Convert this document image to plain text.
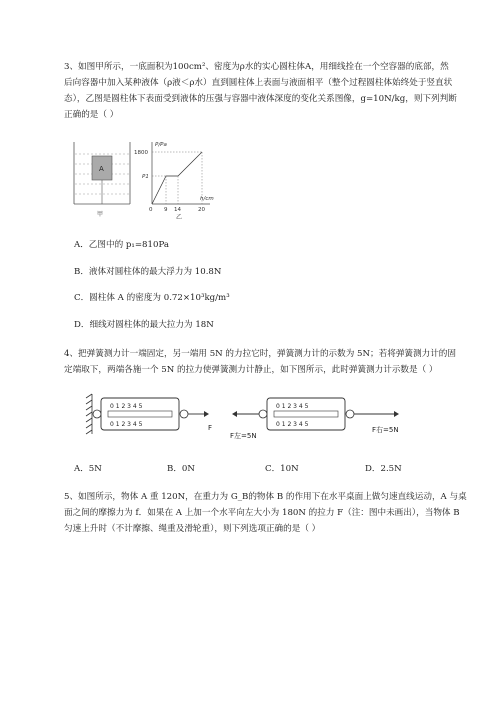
3、如图甲所示，一底面积为100cm²、密度为ρ水的实心圆柱体A，用细线拴在一个空容器的底部，然
后向容器中加入某种液体（ρ液＜ρ水）直到圆柱体上表面与液面相平（整个过程圆柱体始终处于竖直状
态），乙图是圆柱体下表面受到液体的压强与容器中液体深度的变化关系图像，g=10N/kg，则下列判断
正确的是（ ）
A
甲
P/Pa
1800
P1
h/cm
0 9 14	20
乙
A．乙图中的 p₁=810Pa
B．液体对圆柱体的最大浮力为 10.8N
C．圆柱体 A 的密度为 0.72×10³kg/m³
D．细线对圆柱体的最大拉力为 18N
4、把弹簧测力计一端固定，另一端用 5N 的力拉它时，弹簧测力计的示数为 5N；若将弹簧测力计的固
定端取下，两端各施一个 5N 的拉力使弹簧测力计静止，如下图所示，此时弹簧测力计示数是（ ）
0 1 2 3 4 5
0 1 2 3 4 5	F
0 1 2 3 4 5
0 1 2 3 4 5
F左=5N
F右=5N
A．5N	B．0N	C．10N	D．2.5N
5、如图所示，物体 A 重 120N，在重力为 G_B的物体 B 的作用下在水平桌面上做匀速直线运动，A 与桌
面之间的摩擦力为 f．如果在 A 上加一个水平向左大小为 180N 的拉力 F（注：图中未画出），当物体 B
匀速上升时（不计摩擦、绳重及滑轮重），则下列选项正确的是（ ）
